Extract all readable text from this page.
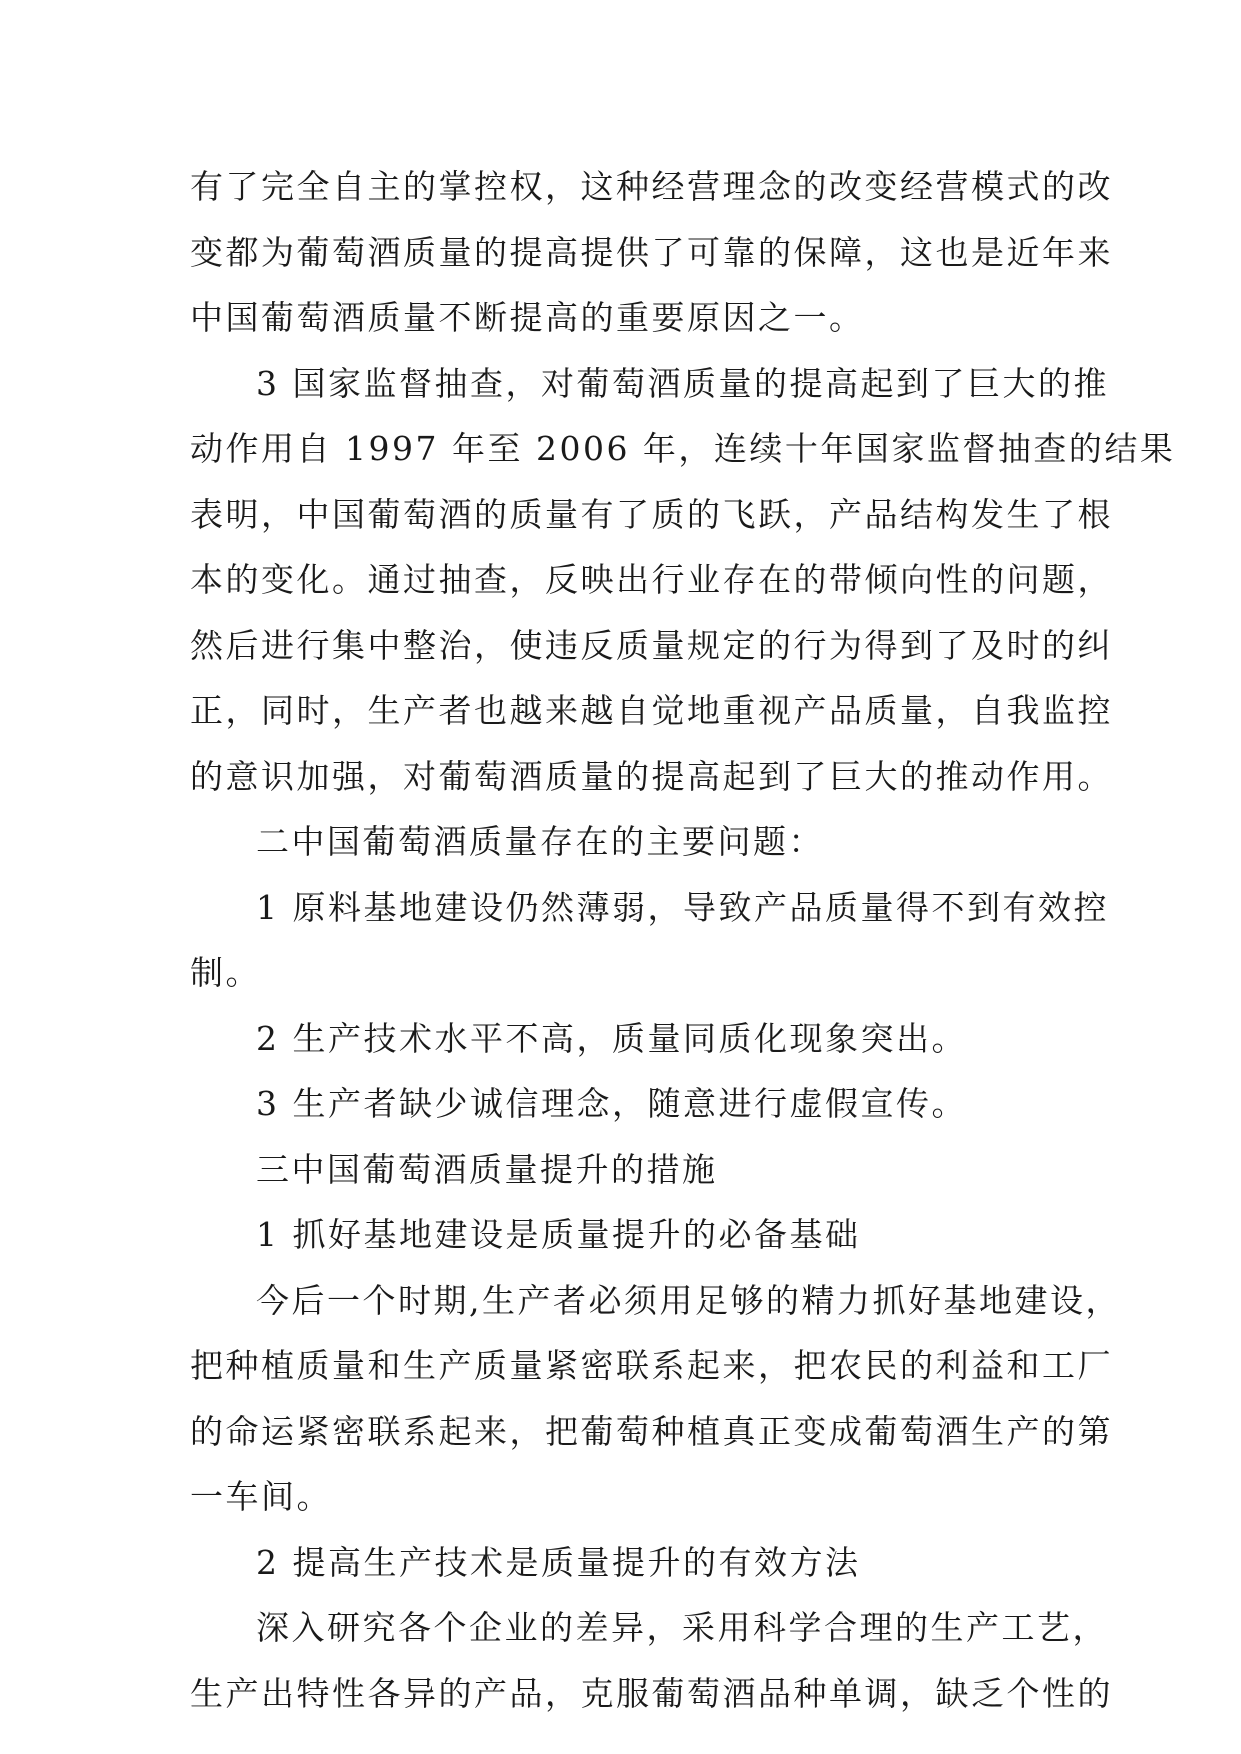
有了完全自主的掌控权，这种经营理念的改变经营模式的改
变都为葡萄酒质量的提高提供了可靠的保障，这也是近年来
中国葡萄酒质量不断提高的重要原因之一。
3 国家监督抽查，对葡萄酒质量的提高起到了巨大的推
动作用自 1997 年至 2006 年，连续十年国家监督抽查的结果
表明，中国葡萄酒的质量有了质的飞跃，产品结构发生了根
本的变化。通过抽查，反映出行业存在的带倾向性的问题，
然后进行集中整治，使违反质量规定的行为得到了及时的纠
正，同时，生产者也越来越自觉地重视产品质量，自我监控
的意识加强，对葡萄酒质量的提高起到了巨大的推动作用。
二中国葡萄酒质量存在的主要问题：
1 原料基地建设仍然薄弱，导致产品质量得不到有效控
制。
2 生产技术水平不高，质量同质化现象突出。
3 生产者缺少诚信理念，随意进行虚假宣传。
三中国葡萄酒质量提升的措施
1 抓好基地建设是质量提升的必备基础
今后一个时期,生产者必须用足够的精力抓好基地建设，
把种植质量和生产质量紧密联系起来，把农民的利益和工厂
的命运紧密联系起来，把葡萄种植真正变成葡萄酒生产的第
一车间。
2 提高生产技术是质量提升的有效方法
深入研究各个企业的差异，采用科学合理的生产工艺，
生产出特性各异的产品，克服葡萄酒品种单调，缺乏个性的
